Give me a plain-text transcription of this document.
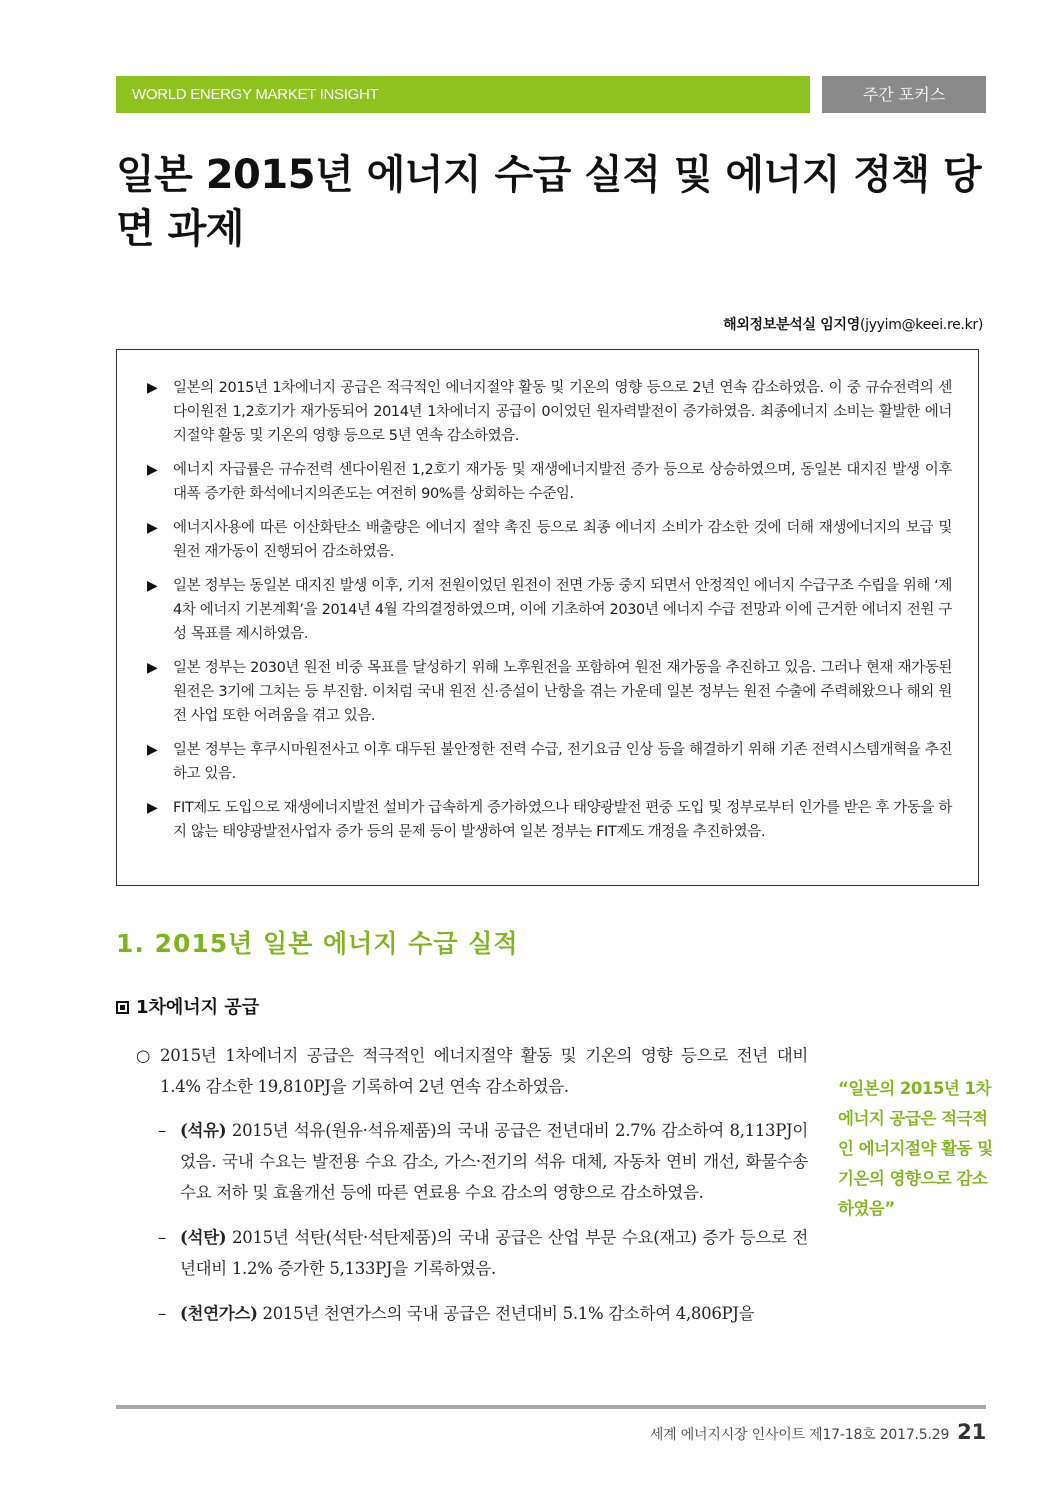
WORLD ENERGY MARKET INSIGHT	주간 포커스
일본 2015년 에너지 수급 실적 및 에너지 정책 당면 과제
해외정보분석실 임지영(jyyim@keei.re.kr)
▶ 일본의 2015년 1차에너지 공급은 적극적인 에너지절약 활동 및 기온의 영향 등으로 2년 연속 감소하였음. 이 중 규슈전력의 센다이원전 1,2호기가 재가동되어 2014년 1차에너지 공급이 0이었던 원자력발전이 증가하였음. 최종에너지 소비는 활발한 에너지절약 활동 및 기온의 영향 등으로 5년 연속 감소하였음.
▶ 에너지 자급률은 규슈전력 센다이원전 1,2호기 재가동 및 재생에너지발전 증가 등으로 상승하였으며, 동일본 대지진 발생 이후 대폭 증가한 화석에너지의존도는 여전히 90%를 상회하는 수준임.
▶ 에너지사용에 따른 이산화탄소 배출량은 에너지 절약 촉진 등으로 최종 에너지 소비가 감소한 것에 더해 재생에너지의 보급 및 원전 재가동이 진행되어 감소하였음.
▶ 일본 정부는 동일본 대지진 발생 이후, 기저 전원이었던 원전이 전면 가동 중지 되면서 안정적인 에너지 수급구조 수립을 위해 ‘제4차 에너지 기본계획’을 2014년 4월 각의결정하였으며, 이에 기초하여 2030년 에너지 수급 전망과 이에 근거한 에너지 전원 구성 목표를 제시하였음.
▶ 일본 정부는 2030년 원전 비중 목표를 달성하기 위해 노후원전을 포함하여 원전 재가동을 추진하고 있음. 그러나 현재 재가동된 원전은 3기에 그치는 등 부진함. 이처럼 국내 원전 신·증설이 난항을 겪는 가운데 일본 정부는 원전 수출에 주력해왔으나 해외 원전 사업 또한 어려움을 겪고 있음.
▶ 일본 정부는 후쿠시마원전사고 이후 대두된 불안정한 전력 수급, 전기요금 인상 등을 해결하기 위해 기존 전력시스템개혁을 추진하고 있음.
▶ FIT제도 도입으로 재생에너지발전 설비가 급속하게 증가하였으나 태양광발전 편중 도입 및 정부로부터 인가를 받은 후 가동을 하지 않는 태양광발전사업자 증가 등의 문제 등이 발생하여 일본 정부는 FIT제도 개정을 추진하였음.
1. 2015년 일본 에너지 수급 실적
1차에너지 공급
○ 2015년 1차에너지 공급은 적극적인 에너지절약 활동 및 기온의 영향 등으로 전년 대비 1.4% 감소한 19,810PJ을 기록하여 2년 연속 감소하였음.
– (석유) 2015년 석유(원유·석유제품)의 국내 공급은 전년대비 2.7% 감소하여 8,113PJ이었음. 국내 수요는 발전용 수요 감소, 가스·전기의 석유 대체, 자동차 연비 개선, 화물수송 수요 저하 및 효율개선 등에 따른 연료용 수요 감소의 영향으로 감소하였음.
– (석탄) 2015년 석탄(석탄·석탄제품)의 국내 공급은 산업 부문 수요(재고) 증가 등으로 전년대비 1.2% 증가한 5,133PJ을 기록하였음.
– (천연가스) 2015년 천연가스의 국내 공급은 전년대비 5.1% 감소하여 4,806PJ을
“일본의 2015년 1차에너지 공급은 적극적인 에너지절약 활동 및 기온의 영향으로 감소하였음”
세계 에너지시장 인사이트 제17-18호 2017.5.29 21
